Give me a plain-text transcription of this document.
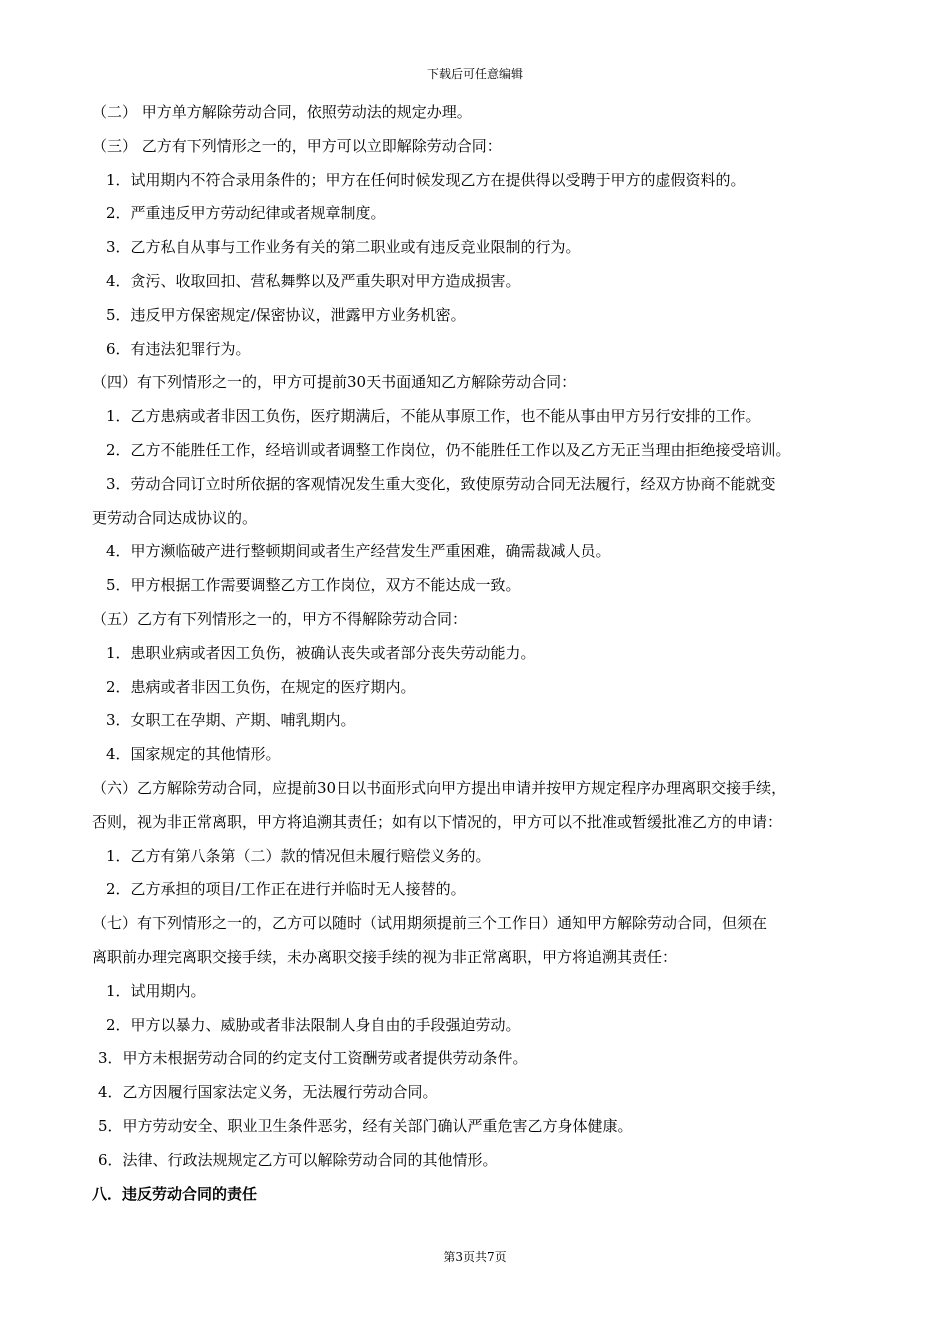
下载后可任意编辑
（二） 甲方单方解除劳动合同，依照劳动法的规定办理。
（三） 乙方有下列情形之一的，甲方可以立即解除劳动合同：
1．试用期内不符合录用条件的；甲方在任何时候发现乙方在提供得以受聘于甲方的虚假资料的。
2．严重违反甲方劳动纪律或者规章制度。
3．乙方私自从事与工作业务有关的第二职业或有违反竞业限制的行为。
4．贪污、收取回扣、营私舞弊以及严重失职对甲方造成损害。
5．违反甲方保密规定/保密协议，泄露甲方业务机密。
6．有违法犯罪行为。
（四）有下列情形之一的，甲方可提前30天书面通知乙方解除劳动合同：
1．乙方患病或者非因工负伤，医疗期满后，不能从事原工作，也不能从事由甲方另行安排的工作。
2．乙方不能胜任工作，经培训或者调整工作岗位，仍不能胜任工作以及乙方无正当理由拒绝接受培训。
3．劳动合同订立时所依据的客观情况发生重大变化，致使原劳动合同无法履行，经双方协商不能就变
更劳动合同达成协议的。
4．甲方濒临破产进行整顿期间或者生产经营发生严重困难，确需裁减人员。
5．甲方根据工作需要调整乙方工作岗位，双方不能达成一致。
（五）乙方有下列情形之一的，甲方不得解除劳动合同：
1．患职业病或者因工负伤，被确认丧失或者部分丧失劳动能力。
2．患病或者非因工负伤，在规定的医疗期内。
3．女职工在孕期、产期、哺乳期内。
4．国家规定的其他情形。
（六）乙方解除劳动合同，应提前30日以书面形式向甲方提出申请并按甲方规定程序办理离职交接手续，
否则，视为非正常离职，甲方将追溯其责任；如有以下情况的，甲方可以不批准或暂缓批准乙方的申请：
1．乙方有第八条第（二）款的情况但未履行赔偿义务的。
2．乙方承担的项目/工作正在进行并临时无人接替的。
（七）有下列情形之一的，乙方可以随时（试用期须提前三个工作日）通知甲方解除劳动合同，但须在
离职前办理完离职交接手续，未办离职交接手续的视为非正常离职，甲方将追溯其责任：
1．试用期内。
2．甲方以暴力、威胁或者非法限制人身自由的手段强迫劳动。
3．甲方未根据劳动合同的约定支付工资酬劳或者提供劳动条件。
4．乙方因履行国家法定义务，无法履行劳动合同。
5．甲方劳动安全、职业卫生条件恶劣，经有关部门确认严重危害乙方身体健康。
6．法律、行政法规规定乙方可以解除劳动合同的其他情形。
八．违反劳动合同的责任
第3页共7页
